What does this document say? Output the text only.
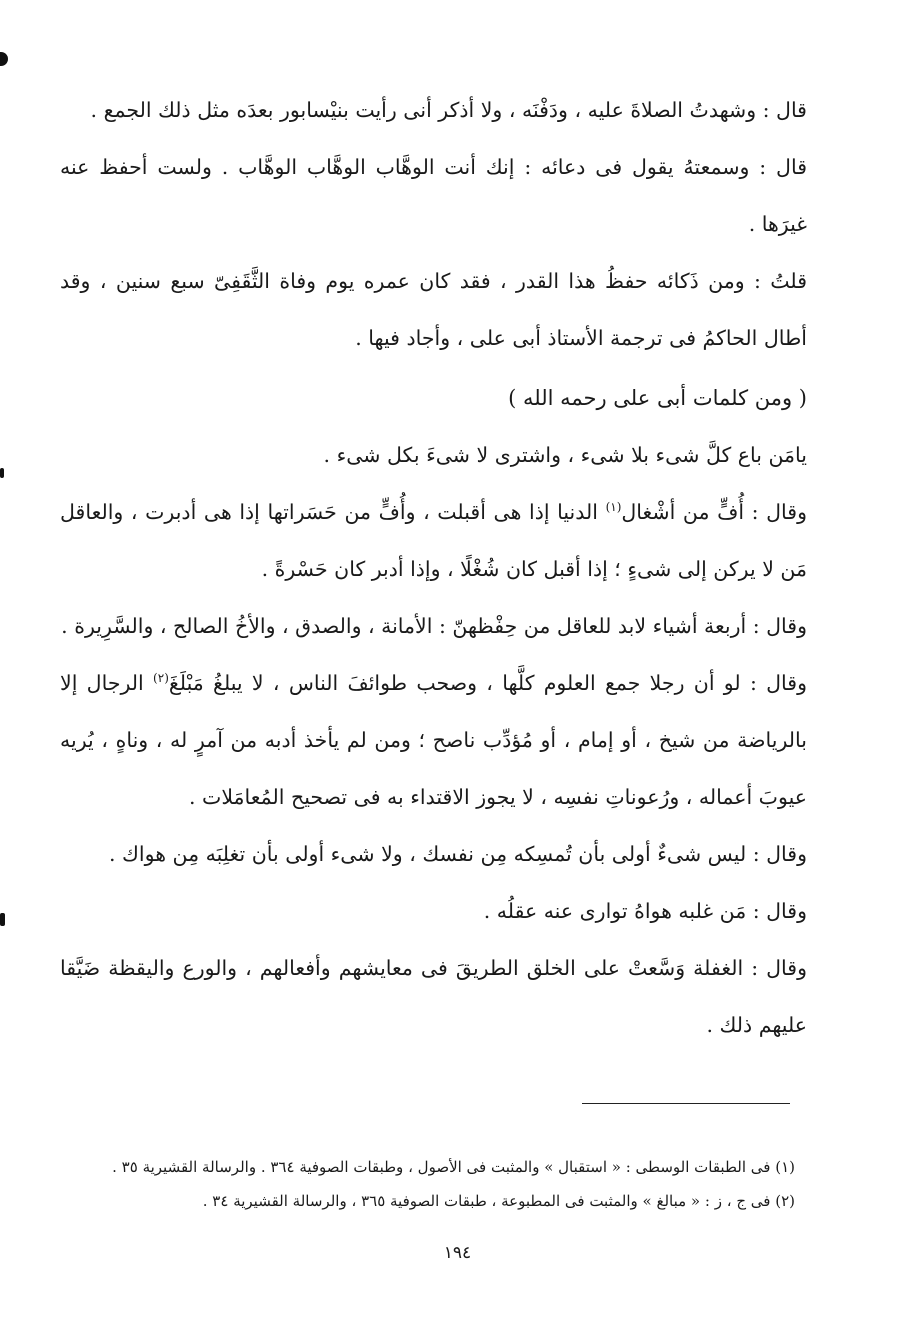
قال : وشهدتُ الصلاةَ عليه ، ودَفْنَه ، ولا أذكر أنى رأيت بنيْسابور بعدَه مثل ذلك الجمع .

قال : وسمعتهُ يقول فى دعائه : إنك أنت الوهَّاب الوهَّاب الوهَّاب . ولست أحفظ عنه غيرَها .

قلتُ : ومن ذَكائه حفظُ هذا القدر ، فقد كان عمره يوم وفاة الثَّقَفِىّ سبع سنين ، وقد أطال الحاكمُ فى ترجمة الأستاذ أبى على ، وأجاد فيها .

( ومن كلمات أبى على رحمه الله )

يامَن باع كلَّ شىء بلا شىء ، واشترى لا شىءَ بكل شىء .

وقال : أُفٍّ من أشْغال$^{(١)}$ الدنيا إذا هى أقبلت ، وأُفٍّ من حَسَراتها إذا هى أدبرت ، والعاقل مَن لا يركن إلى شىءٍ ؛ إذا أقبل كان شُغْلًا ، وإذا أدبر كان حَسْرةً .

وقال : أربعة أشياء لابد للعاقل من حِفْظهنّ : الأمانة ، والصدق ، والأخُ الصالح ، والسَّرِيرة .

وقال : لو أن رجلا جمع العلوم كلَّها ، وصحب طوائفَ الناس ، لا يبلغُ مَبْلَغَ$^{(٢)}$ الرجال إلا بالرياضة من شيخ ، أو إمام ، أو مُؤدِّب ناصح ؛ ومن لم يأخذ أدبه من آمرٍ له ، وناهٍ ، يُريه عيوبَ أعماله ، ورُعوناتِ نفسِه ، لا يجوز الاقتداء به فى تصحيح المُعامَلات .

وقال : ليس شىءٌ أولى بأن تُمسِكه مِن نفسك ، ولا شىء أولى بأن تغلِبَه مِن هواك .

وقال : مَن غلبه هواهُ توارى عنه عقلُه .

وقال : الغفلة وَسَّعتْ على الخلق الطريقَ فى معايشهم وأفعالهم ، والورع واليقظة ضَيَّقا عليهم ذلك .

(١) فى الطبقات الوسطى : « استقبال » والمثبت فى الأصول ، وطبقات الصوفية ٣٦٤ . والرسالة القشيرية ٣٥ .

(٢) فى ج ، ز : « مبالغ » والمثبت فى المطبوعة ، طبقات الصوفية ٣٦٥ ، والرسالة القشيرية ٣٤ .

١٩٤
